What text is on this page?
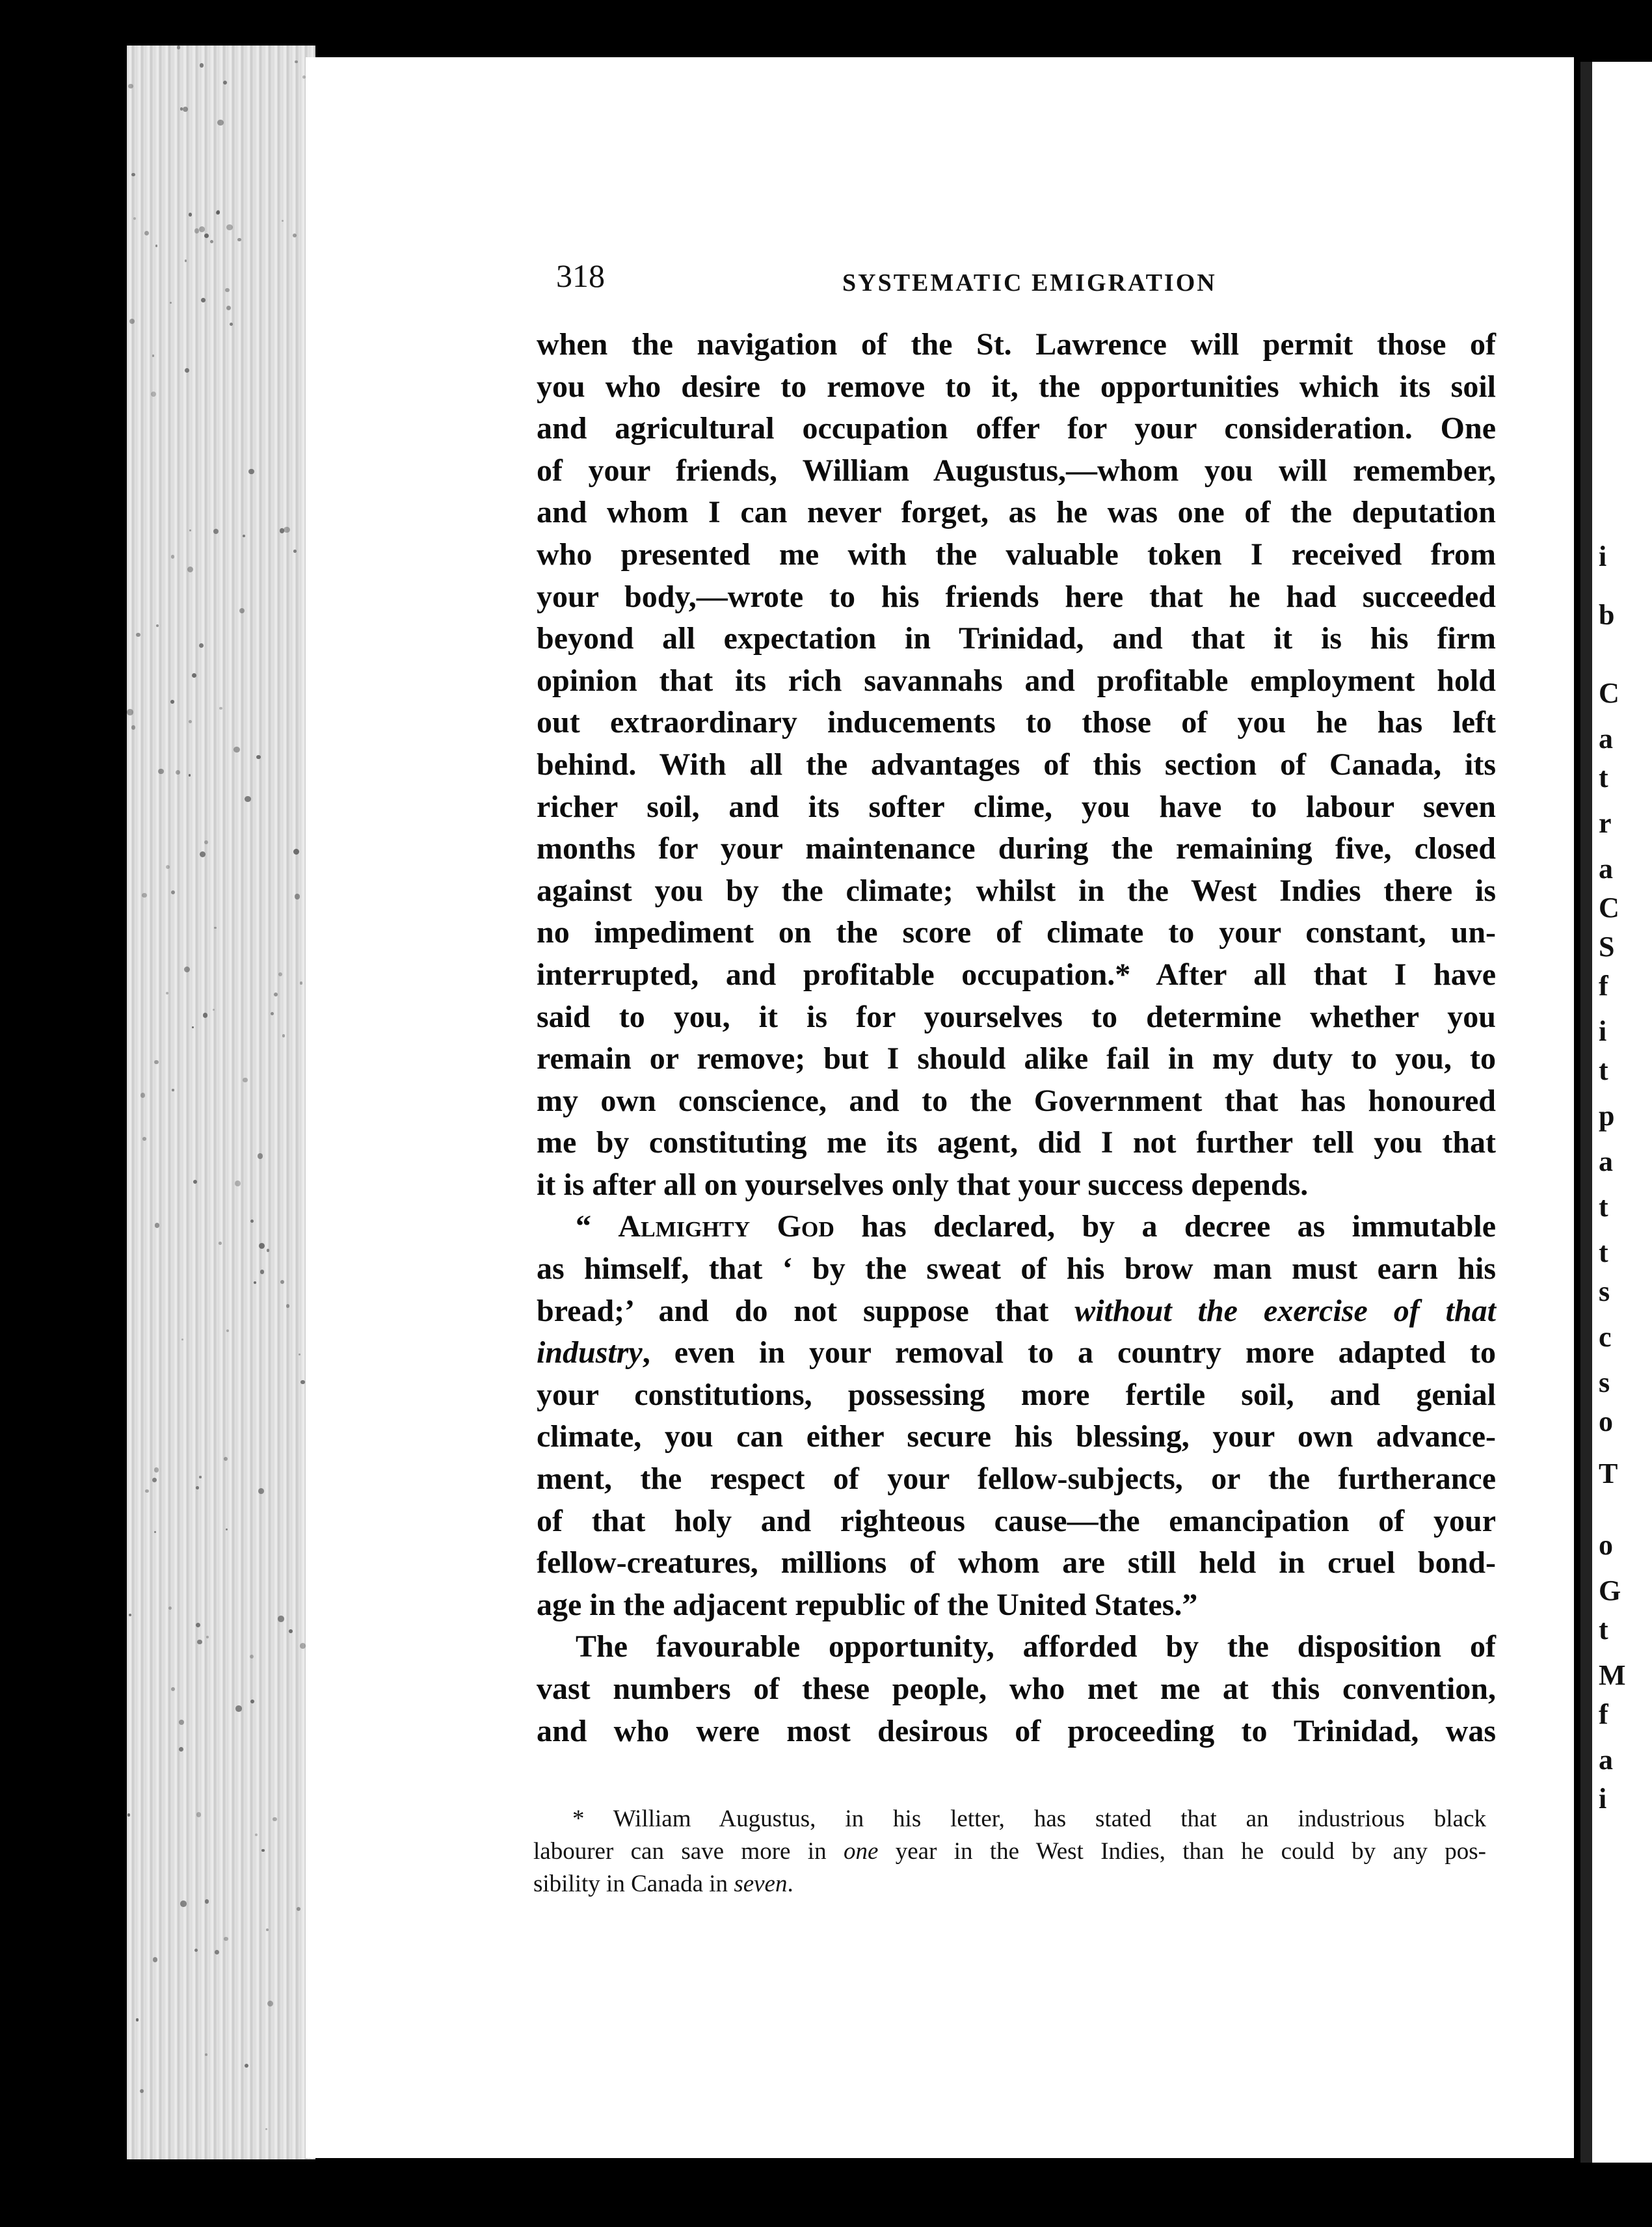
i
b
C
a
t
r
a
C
S
f
i
t
p
a
t
t
s
c
s
o
T
o
G
t
M
f
a
i
318	SYSTEMATIC EMIGRATION
when the navigation of the St. Lawrence will permit those of
you who desire to remove to it, the opportunities which its soil
and agricultural occupation offer for your consideration. One
of your friends, William Augustus,—whom you will remember,
and whom I can never forget, as he was one of the deputation
who presented me with the valuable token I received from
your body,—wrote to his friends here that he had succeeded
beyond all expectation in Trinidad, and that it is his firm
opinion that its rich savannahs and profitable employment hold
out extraordinary inducements to those of you he has left
behind. With all the advantages of this section of Canada, its
richer soil, and its softer clime, you have to labour seven
months for your maintenance during the remaining five, closed
against you by the climate; whilst in the West Indies there is
no impediment on the score of climate to your constant, un-
interrupted, and profitable occupation.* After all that I have
said to you, it is for yourselves to determine whether you
remain or remove; but I should alike fail in my duty to you, to
my own conscience, and to the Government that has honoured
me by constituting me its agent, did I not further tell you that
it is after all on yourselves only that your success depends.
“ Almighty God has declared, by a decree as immutable
as himself, that ‘ by the sweat of his brow man must earn his
bread;’ and do not suppose that without the exercise of that
industry, even in your removal to a country more adapted to
your constitutions, possessing more fertile soil, and genial
climate, you can either secure his blessing, your own advance-
ment, the respect of your fellow-subjects, or the furtherance
of that holy and righteous cause—the emancipation of your
fellow-creatures, millions of whom are still held in cruel bond-
age in the adjacent republic of the United States.”
The favourable opportunity, afforded by the disposition of
vast numbers of these people, who met me at this convention,
and who were most desirous of proceeding to Trinidad, was
* William Augustus, in his letter, has stated that an industrious black
labourer can save more in one year in the West Indies, than he could by any pos-
sibility in Canada in seven.
